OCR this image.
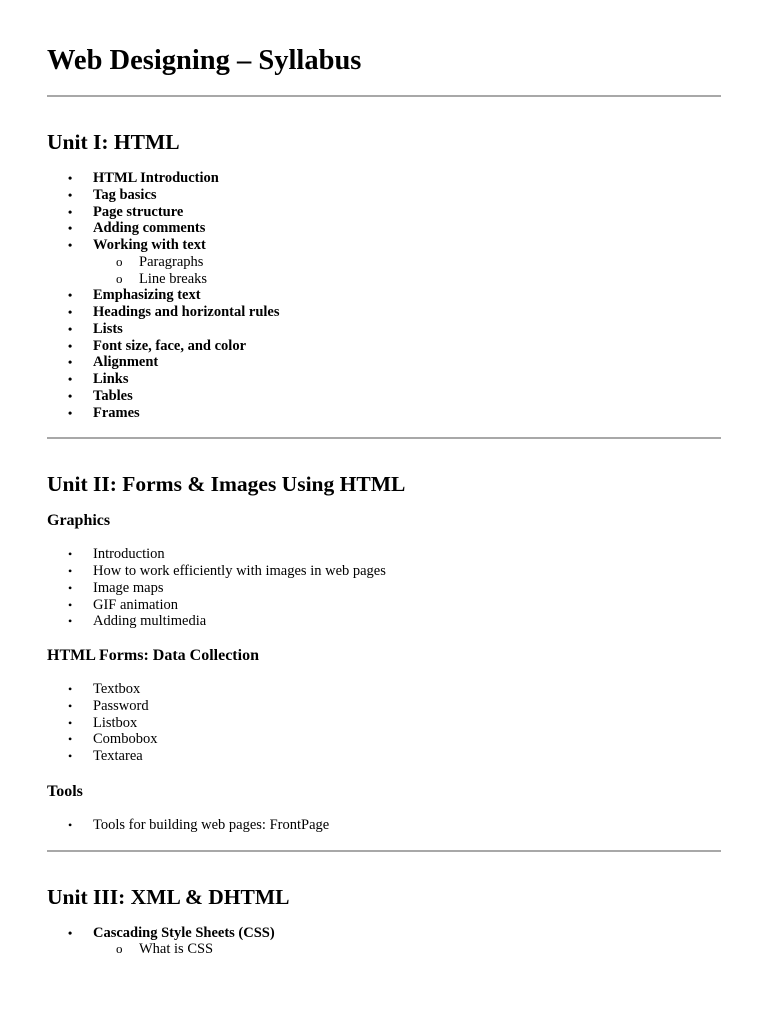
Web Designing – Syllabus
Unit I: HTML
• HTML Introduction
• Tag basics
• Page structure
• Adding comments
• Working with text
o Paragraphs
o Line breaks
• Emphasizing text
• Headings and horizontal rules
• Lists
• Font size, face, and color
• Alignment
• Links
• Tables
• Frames
Unit II: Forms & Images Using HTML
Graphics
• Introduction
• How to work efficiently with images in web pages
• Image maps
• GIF animation
• Adding multimedia
HTML Forms: Data Collection
• Textbox
• Password
• Listbox
• Combobox
• Textarea
Tools
• Tools for building web pages: FrontPage
Unit III: XML & DHTML
• Cascading Style Sheets (CSS)
o What is CSS
